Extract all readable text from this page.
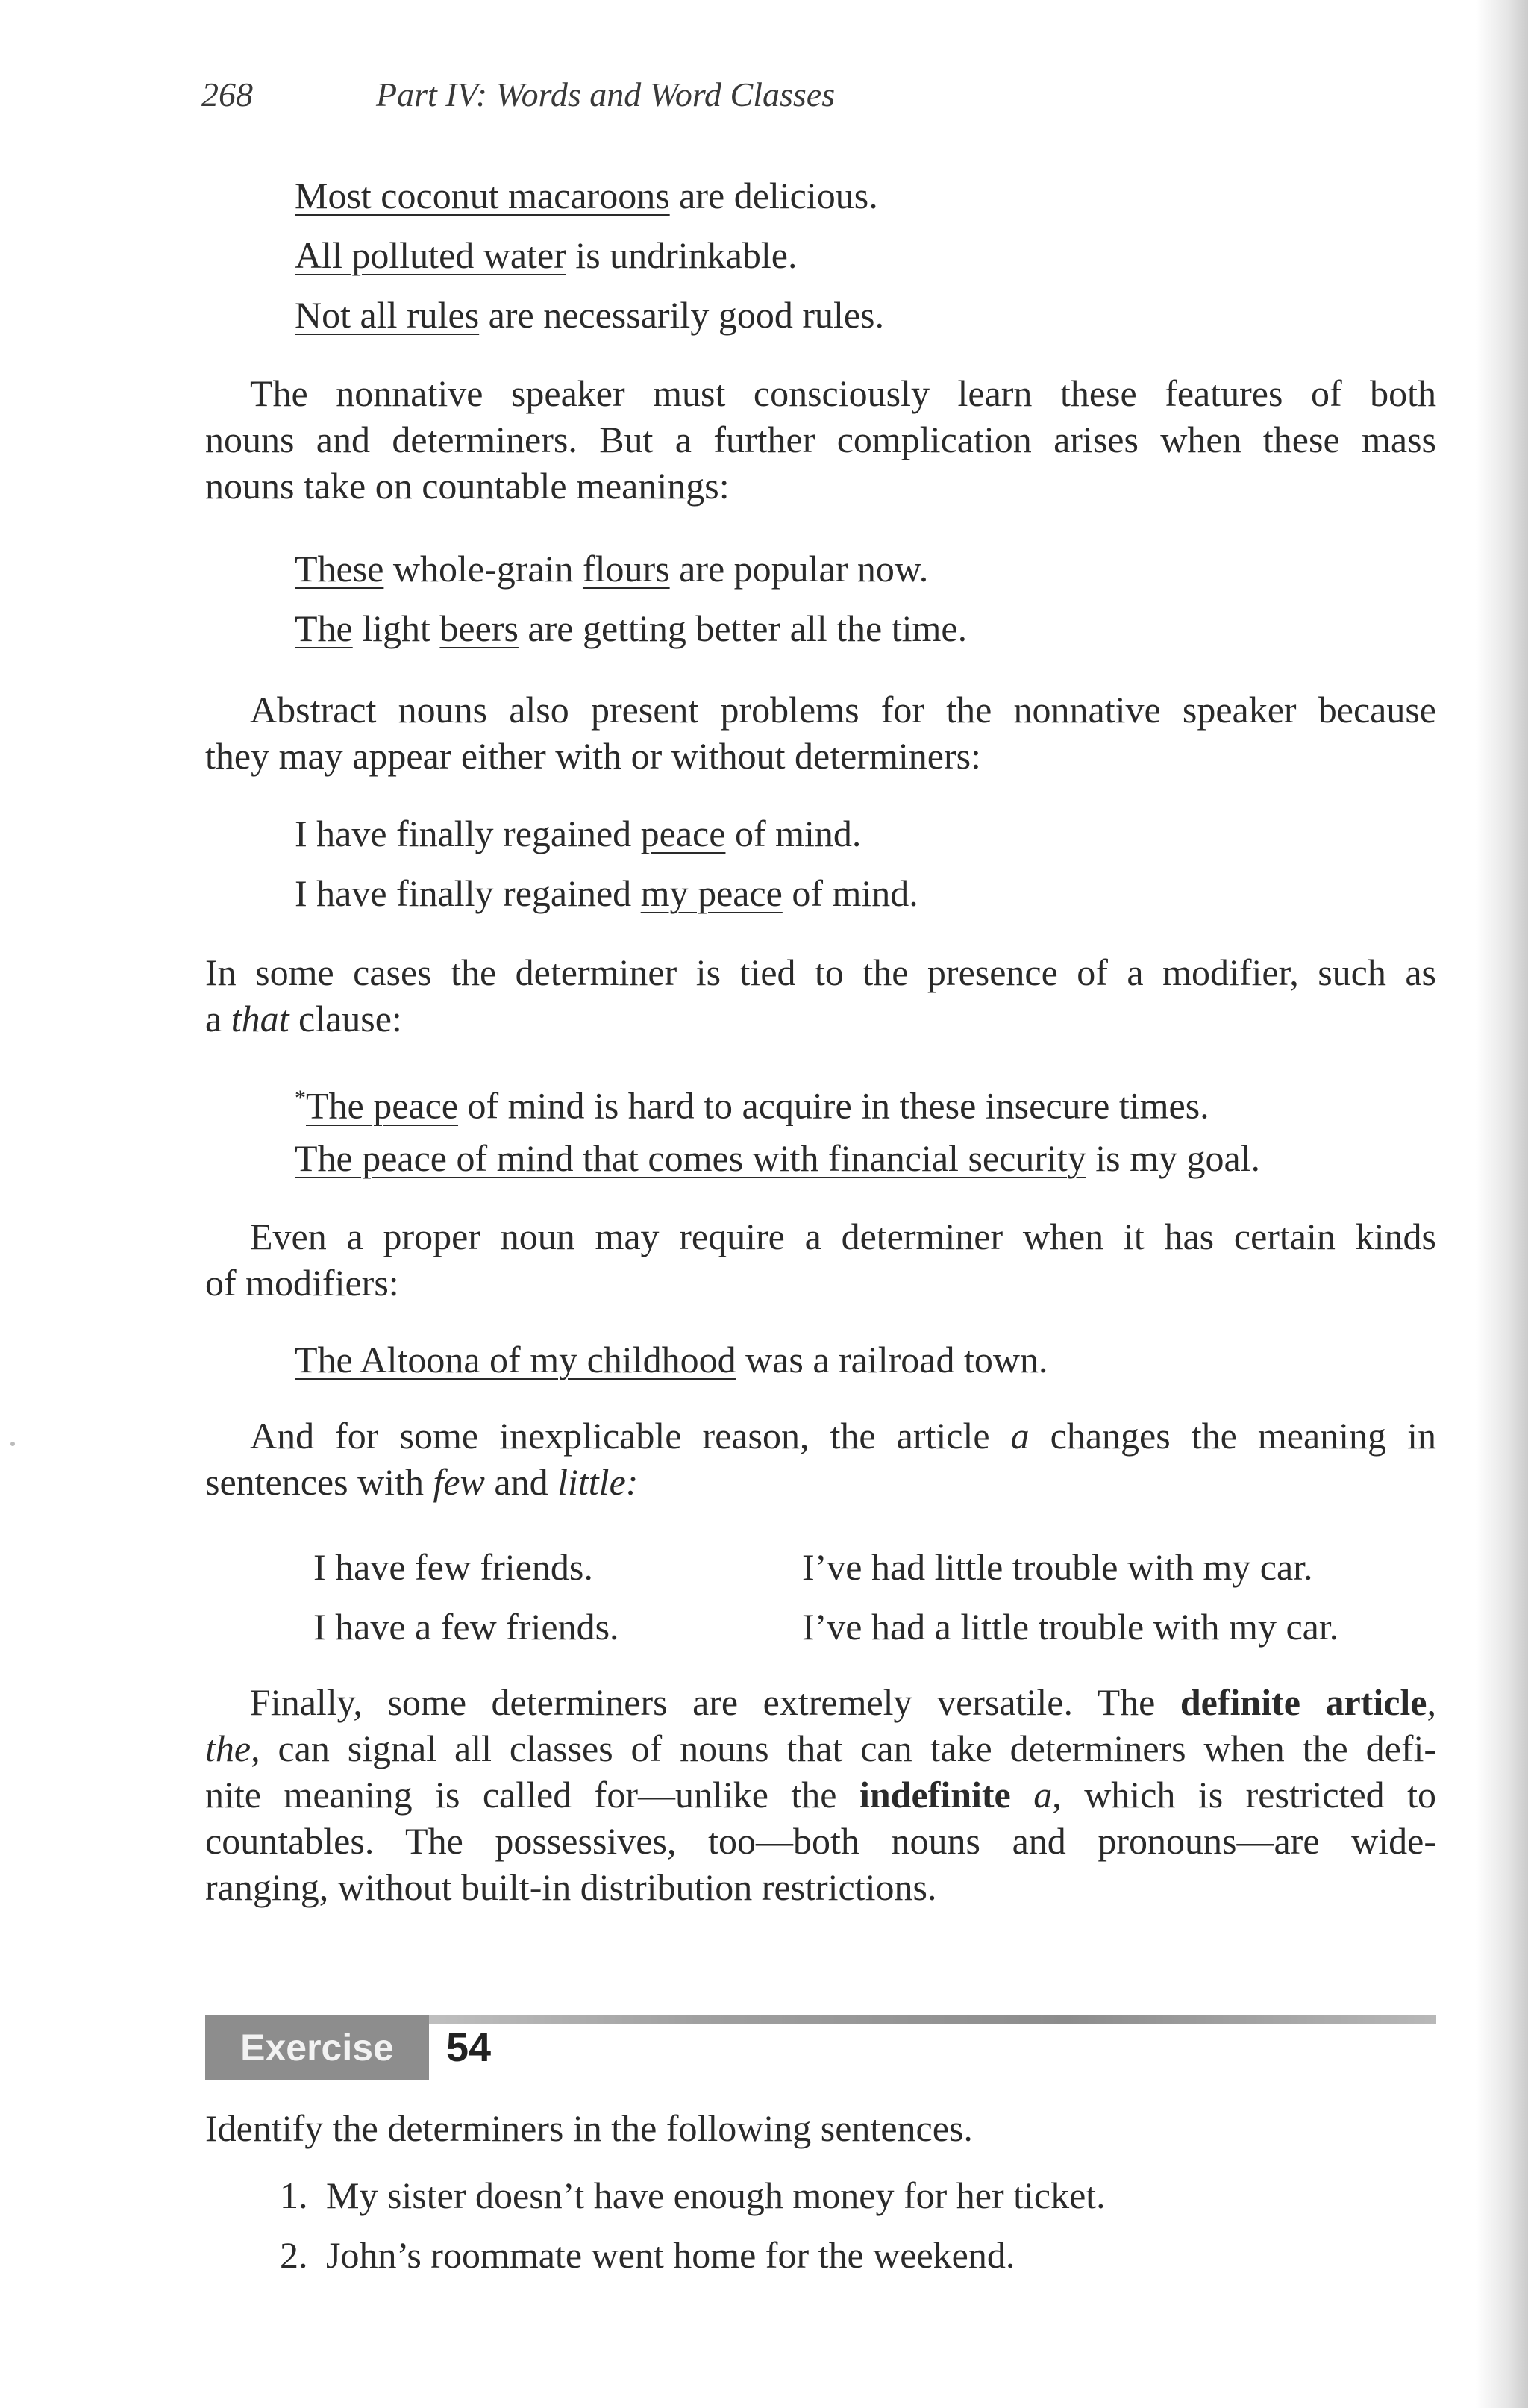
268	Part IV: Words and Word Classes
Most coconut macaroons are delicious.
All polluted water is undrinkable.
Not all rules are necessarily good rules.
The nonnative speaker must consciously learn these features of both
nouns and determiners. But a further complication arises when these mass
nouns take on countable meanings:
These whole-grain flours are popular now.
The light beers are getting better all the time.
Abstract nouns also present problems for the nonnative speaker because
they may appear either with or without determiners:
I have finally regained peace of mind.
I have finally regained my peace of mind.
In some cases the determiner is tied to the presence of a modifier, such as
a that clause:
*The peace of mind is hard to acquire in these insecure times.
The peace of mind that comes with financial security is my goal.
Even a proper noun may require a determiner when it has certain kinds
of modifiers:
The Altoona of my childhood was a railroad town.
And for some inexplicable reason, the article a changes the meaning in
sentences with few and little:
I have few friends.	I’ve had little trouble with my car.
I have a few friends.	I’ve had a little trouble with my car.
Finally, some determiners are extremely versatile. The definite article,
the, can signal all classes of nouns that can take determiners when the defi-
nite meaning is called for—unlike the indefinite a, which is restricted to
countables. The possessives, too—both nouns and pronouns—are wide-
ranging, without built-in distribution restrictions.
Exercise	54
Identify the determiners in the following sentences.
1. My sister doesn’t have enough money for her ticket.
2. John’s roommate went home for the weekend.
